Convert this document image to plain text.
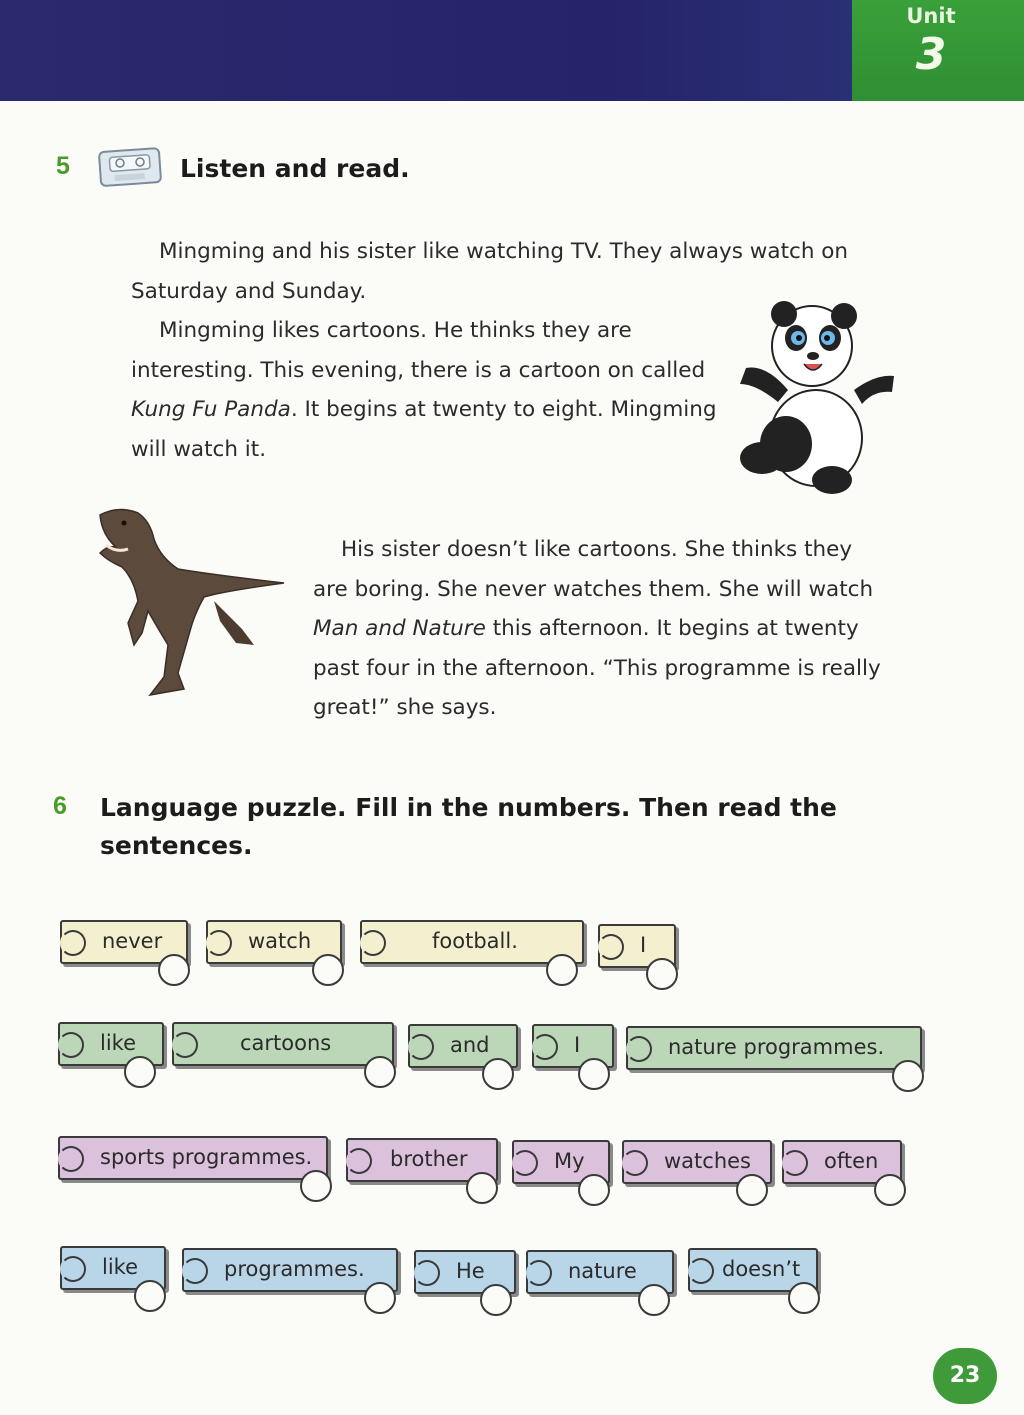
Unit
3
5	Listen and read.

Mingming and his sister like watching TV. They always watch on Saturday and Sunday.

Mingming likes cartoons. He thinks they are interesting. This evening, there is a cartoon on called Kung Fu Panda. It begins at twenty to eight. Mingming will watch it.

His sister doesn’t like cartoons. She thinks they are boring. She never watches them. She will watch Man and Nature this afternoon. It begins at twenty past four in the afternoon. “This programme is really great!” she says.

6 Language puzzle. Fill in the numbers. Then read the sentences.
never	watch	football.	I
like	cartoons	and	I	nature programmes.
sports programmes.	brother	My	watches	often
like	programmes.	He	nature	doesn’t
23
